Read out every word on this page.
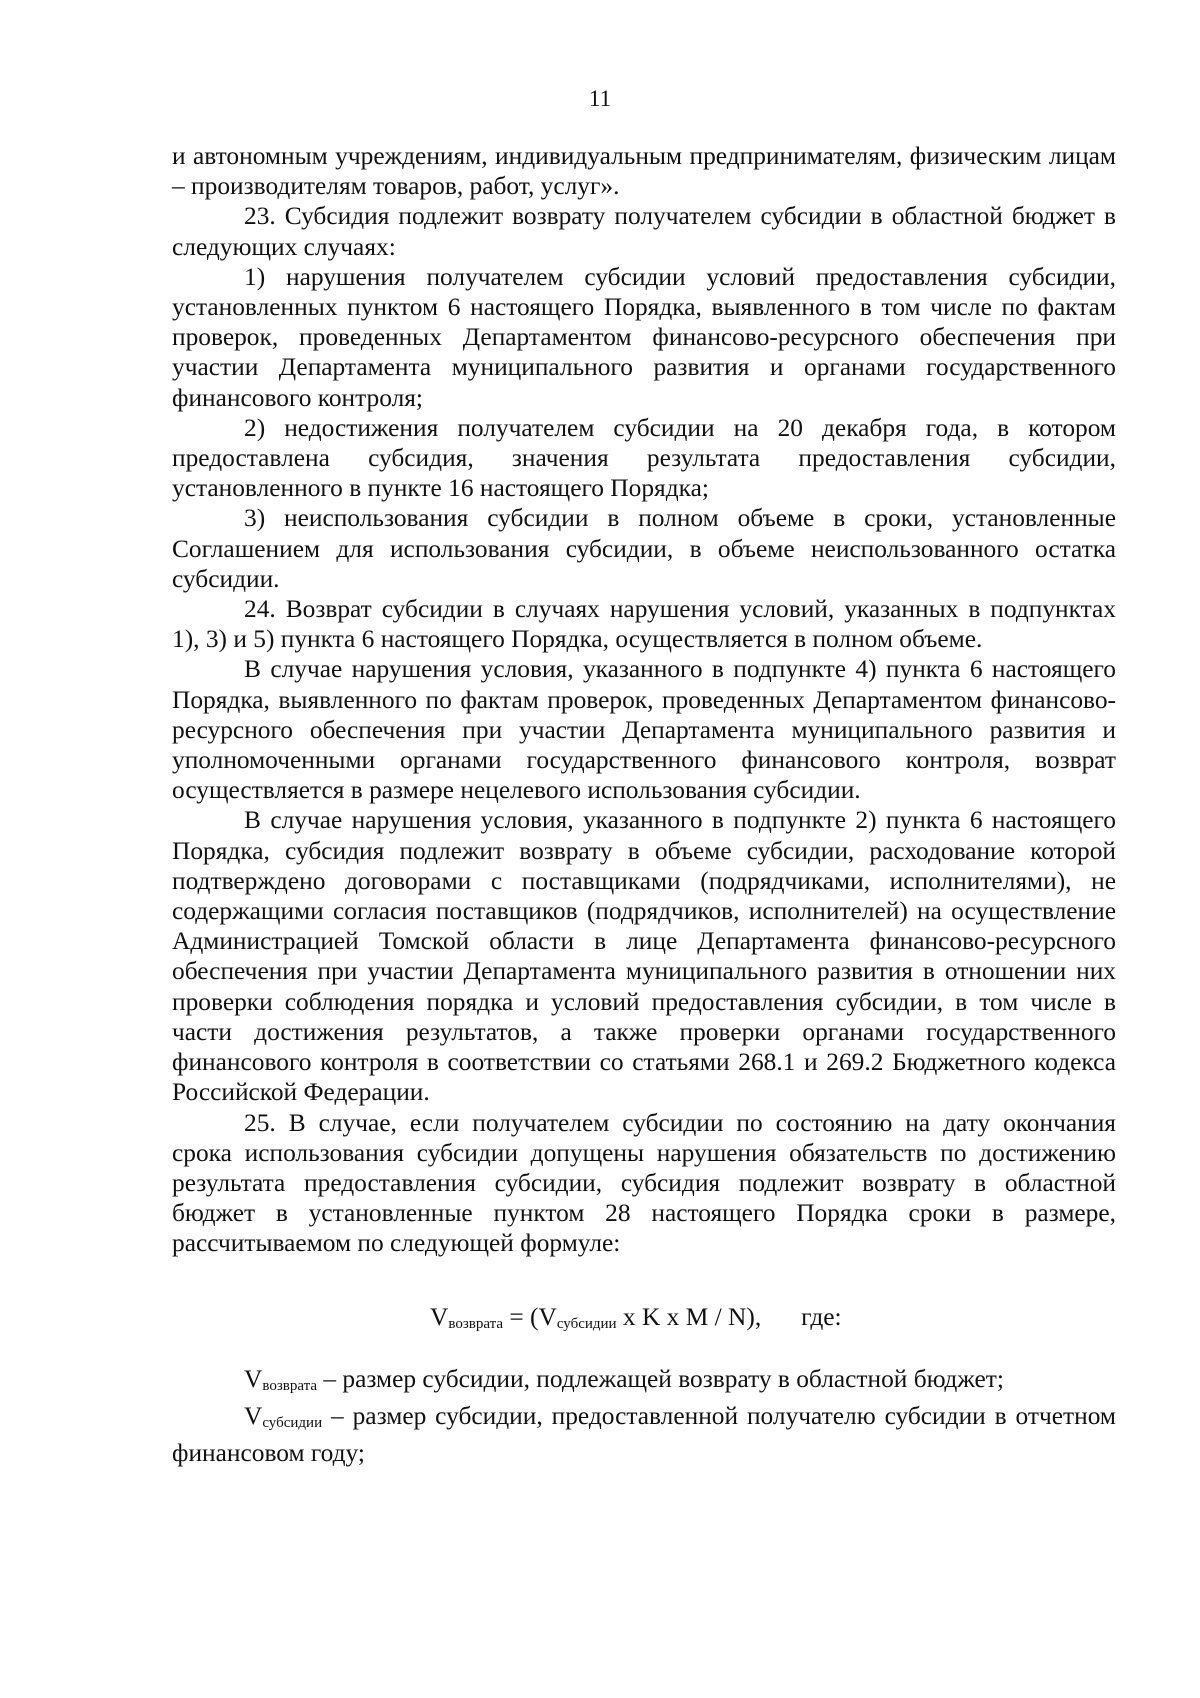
11

и автономным учреждениям, индивидуальным предпринимателям, физическим лицам – производителям товаров, работ, услуг».

23. Субсидия подлежит возврату получателем субсидии в областной бюджет в следующих случаях:

1) нарушения получателем субсидии условий предоставления субсидии, установленных пунктом 6 настоящего Порядка, выявленного в том числе по фактам проверок, проведенных Департаментом финансово-ресурсного обеспечения при участии Департамента муниципального развития и органами государственного финансового контроля;

2) недостижения получателем субсидии на 20 декабря года, в котором предоставлена субсидия, значения результата предоставления субсидии, установленного в пункте 16 настоящего Порядка;

3) неиспользования субсидии в полном объеме в сроки, установленные Соглашением для использования субсидии, в объеме неиспользованного остатка субсидии.

24. Возврат субсидии в случаях нарушения условий, указанных в подпунктах 1), 3) и 5) пункта 6 настоящего Порядка, осуществляется в полном объеме.

В случае нарушения условия, указанного в подпункте 4) пункта 6 настоящего Порядка, выявленного по фактам проверок, проведенных Департаментом финансово-ресурсного обеспечения при участии Департамента муниципального развития и уполномоченными органами государственного финансового контроля, возврат осуществляется в размере нецелевого использования субсидии.

В случае нарушения условия, указанного в подпункте 2) пункта 6 настоящего Порядка, субсидия подлежит возврату в объеме субсидии, расходование которой подтверждено договорами с поставщиками (подрядчиками, исполнителями), не содержащими согласия поставщиков (подрядчиков, исполнителей) на осуществление Администрацией Томской области в лице Департамента финансово-ресурсного обеспечения при участии Департамента муниципального развития в отношении них проверки соблюдения порядка и условий предоставления субсидии, в том числе в части достижения результатов, а также проверки органами государственного финансового контроля в соответствии со статьями 268.1 и 269.2 Бюджетного кодекса Российской Федерации.

25. В случае, если получателем субсидии по состоянию на дату окончания срока использования субсидии допущены нарушения обязательств по достижению результата предоставления субсидии, субсидия подлежит возврату в областной бюджет в установленные пунктом 28 настоящего Порядка сроки в размере, рассчитываемом по следующей формуле:

$V_{возврата} = (V_{субсидии}$ x K x M / N), где:

$V_{возврата}$ – размер субсидии, подлежащей возврату в областной бюджет;

$V_{субсидии}$ – размер субсидии, предоставленной получателю субсидии в отчетном финансовом году;
